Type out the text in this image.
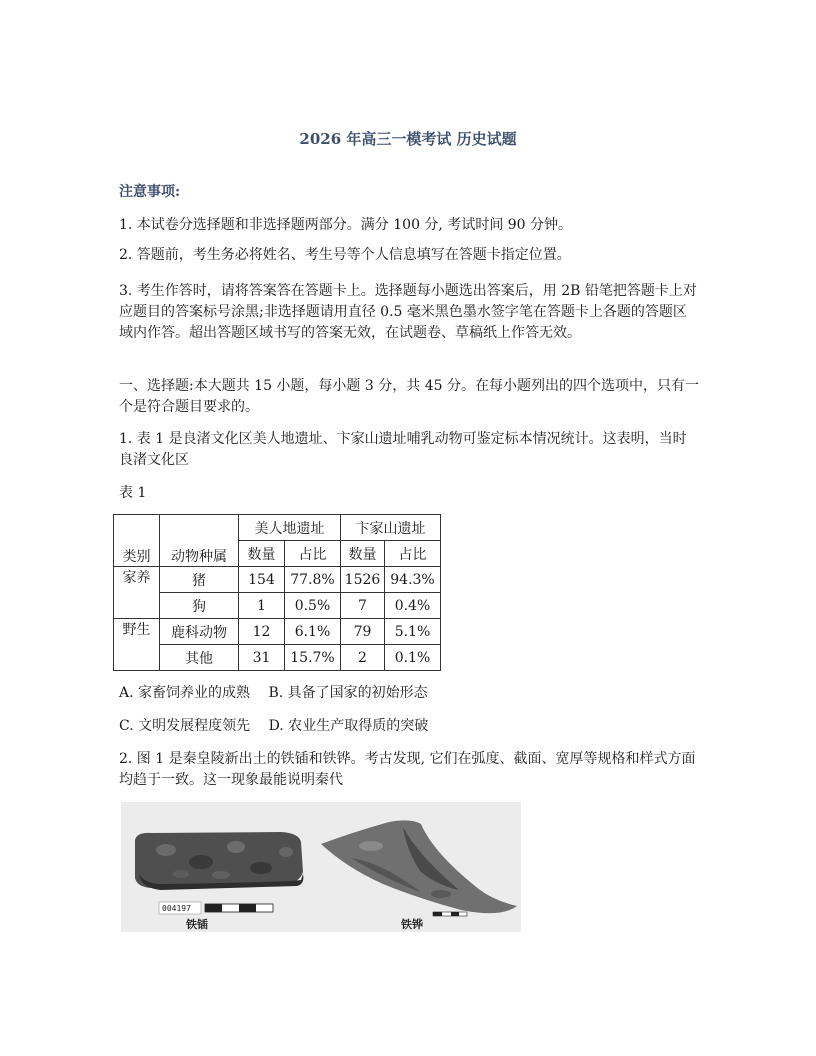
2026 年高三一模考试 历史试题
注意事项:

1. 本试卷分选择题和非选择题两部分。满分 100 分, 考试时间 90 分钟。

2. 答题前，考生务必将姓名、考生号等个人信息填写在答题卡指定位置。

3. 考生作答时，请将答案答在答题卡上。选择题每小题选出答案后，用 2B 铅笔把答题卡上对应题目的答案标号涂黑;非选择题请用直径 0.5 毫米黑色墨水签字笔在答题卡上各题的答题区域内作答。超出答题区域书写的答案无效，在试题卷、草稿纸上作答无效。

一、选择题:本大题共 15 小题，每小题 3 分，共 45 分。在每小题列出的四个选项中，只有一个是符合题目要求的。

1. 表 1 是良渚文化区美人地遗址、卞家山遗址哺乳动物可鉴定标本情况统计。这表明，当时良渚文化区

表 1

类别	动物种属	美人地遗址		卞家山遗址	
		数量	占比	数量	占比
家养	猪	154	77.8%	1526	94.3%
	狗	1	0.5%	7	0.4%
野生	鹿科动物	12	6.1%	79	5.1%
	其他	31	15.7%	2	0.1%

A. 家畜饲养业的成熟　 B. 具备了国家的初始形态

C. 文明发展程度领先　 D. 农业生产取得质的突破

2. 图 1 是秦皇陵新出土的铁锸和铁铧。考古发现, 它们在弧度、截面、宽厚等规格和样式方面均趋于一致。这一现象最能说明秦代

004197
铁锸	铁铧
